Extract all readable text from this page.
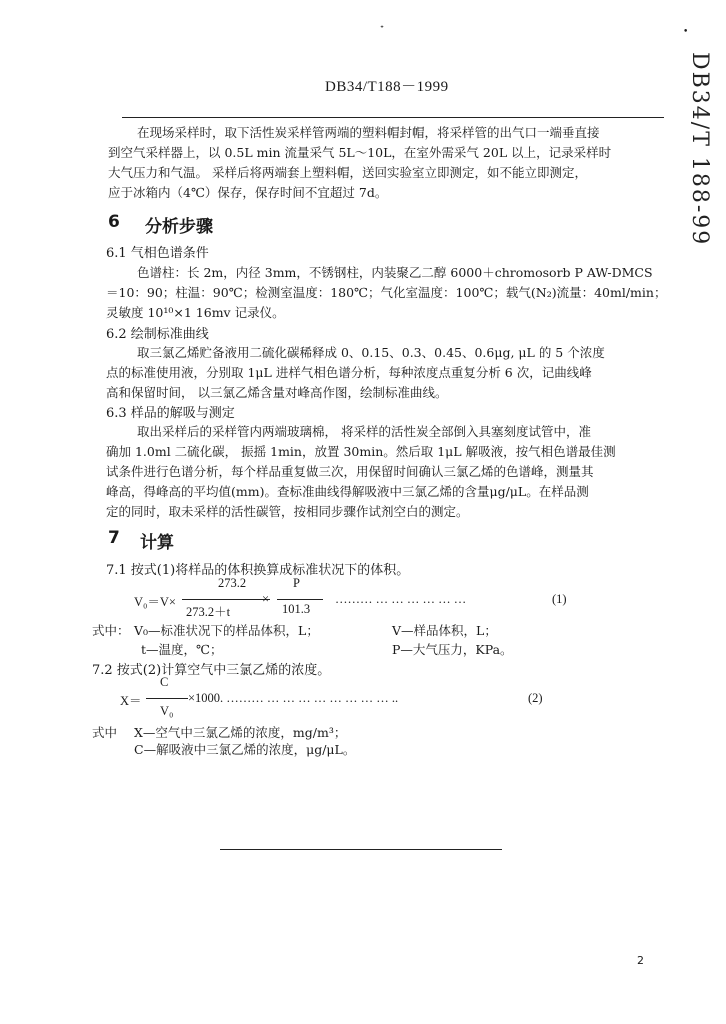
ᐩ	•
DB34/T 188-99
DB34/T188－1999
在现场采样时，取下活性炭采样管两端的塑料帽封帽，将采样管的出气口一端垂直接
到空气采样器上，以 0.5L min 流量采气 5L～10L，在室外需采气 20L 以上，记录采样时
大气压力和气温。 采样后将两端套上塑料帽，送回实验室立即测定，如不能立即测定，
应于冰箱内（4℃）保存，保存时间不宜超过 7d。
6 分析步骤
6.1 气相色谱条件
色谱柱：长 2m，内径 3mm，不锈钢柱，内装聚乙二醇 6000＋chromosorb P AW-DMCS
＝10：90；柱温：90℃；检测室温度：180℃；气化室温度：100℃；载气(N₂)流量：40ml/min；
灵敏度 10¹⁰×1 16mv 记录仪。
6.2 绘制标准曲线
取三氯乙烯贮备液用二硫化碳稀释成 0、0.15、0.3、0.45、0.6μg, μL 的 5 个浓度
点的标准使用液，分别取 1μL 进样气相色谱分析，每种浓度点重复分析 6 次，记曲线峰
高和保留时间， 以三氯乙烯含量对峰高作图，绘制标准曲线。
6.3 样品的解吸与测定
取出采样后的采样管内两端玻璃棉， 将采样的活性炭全部倒入具塞刻度试管中，准
确加 1.0ml 二硫化碳， 振摇 1min，放置 30min。然后取 1μL 解吸液，按气相色谱最佳测
试条件进行色谱分析，每个样品重复做三次，用保留时间确认三氯乙烯的色谱峰，测量其
峰高，得峰高的平均值(mm)。查标准曲线得解吸液中三氯乙烯的含量μg/μL。在样品测
定的同时，取未采样的活性碳管，按相同步骤作试剂空白的测定。
7 计算
7.1 按式(1)将样品的体积换算成标准状况下的体积。
273.2	P
V₀＝V×	×	……… … … … … … …	(1)
273.2＋t	101.3
式中： V₀—标准状况下的样品体积，L；	V—样品体积，L；
t—温度，℃；	P—大气压力，KPa。
7.2 按式(2)计算空气中三氯乙烯的浓度。
C
X＝	×1000. ……… … … … … … … … … ..	(2)
V₀
式中 X—空气中三氯乙烯的浓度，mg/m³；
C—解吸液中三氯乙烯的浓度，μg/μL。
2
